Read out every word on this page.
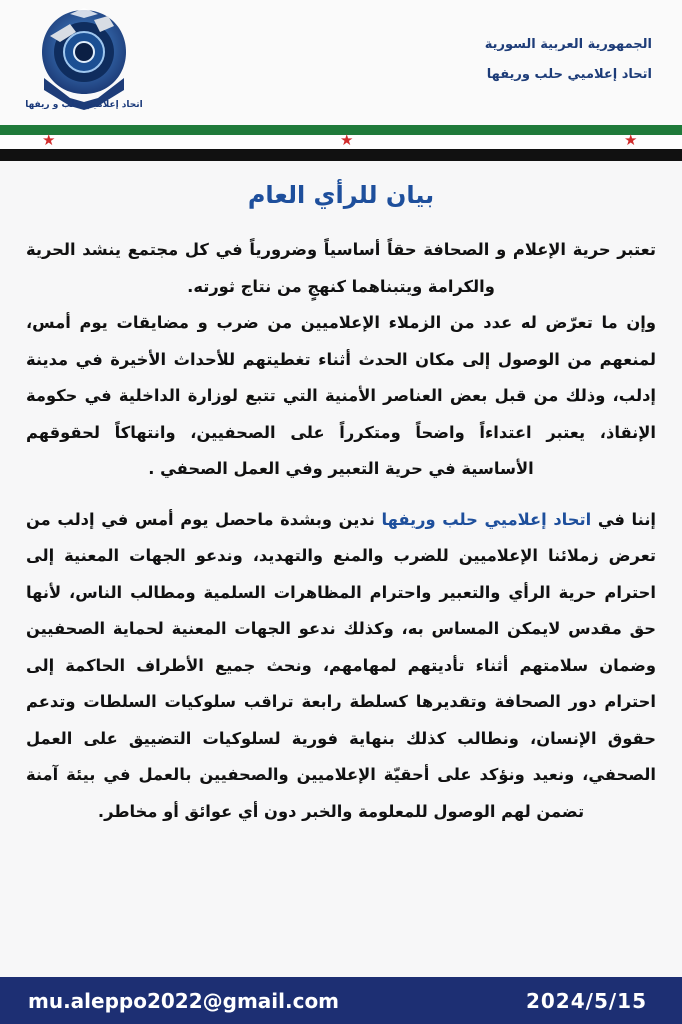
اتحاد إعلاميي حلب و ريفها
الجمهورية العربية السورية
اتحاد إعلاميي حلب وريفها
★	★	★
بيان للرأي العام

تعتبر حرية الإعلام و الصحافة حقاً أساسياً وضرورياً في كل مجتمع ينشد الحرية والكرامة ويتبناهما كنهجٍ من نتاج ثورته.

وإن ما تعرّض له عدد من الزملاء الإعلاميين من ضرب و مضايقات يوم أمس، لمنعهم من الوصول إلى مكان الحدث أثناء تغطيتهم للأحداث الأخيرة في مدينة إدلب، وذلك من قبل بعض العناصر الأمنية التي تتبع لوزارة الداخلية في حكومة الإنقاذ، يعتبر اعتداءاً واضحاً ومتكرراً على الصحفيين، وانتهاكاً لحقوقهم الأساسية في حرية التعبير وفي العمل الصحفي .

إننا في اتحاد إعلاميي حلب وريفها ندين وبشدة ماحصل يوم أمس في إدلب من تعرض زملائنا الإعلاميين للضرب والمنع والتهديد، وندعو الجهات المعنية إلى احترام حرية الرأي والتعبير واحترام المظاهرات السلمية ومطالب الناس، لأنها حق مقدس لايمكن المساس به، وكذلك ندعو الجهات المعنية لحماية الصحفيين وضمان سلامتهم أثناء تأديتهم لمهامهم، ونحث جميع الأطراف الحاكمة إلى احترام دور الصحافة وتقديرها كسلطة رابعة تراقب سلوكيات السلطات وتدعم حقوق الإنسان، ونطالب كذلك بنهاية فورية لسلوكيات التضييق على العمل الصحفي، ونعيد ونؤكد على أحقيّة الإعلاميين والصحفيين بالعمل في بيئة آمنة تضمن لهم الوصول للمعلومة والخبر دون أي عوائق أو مخاطر.

mu.aleppo2022@gmail.com	2024/5/15
